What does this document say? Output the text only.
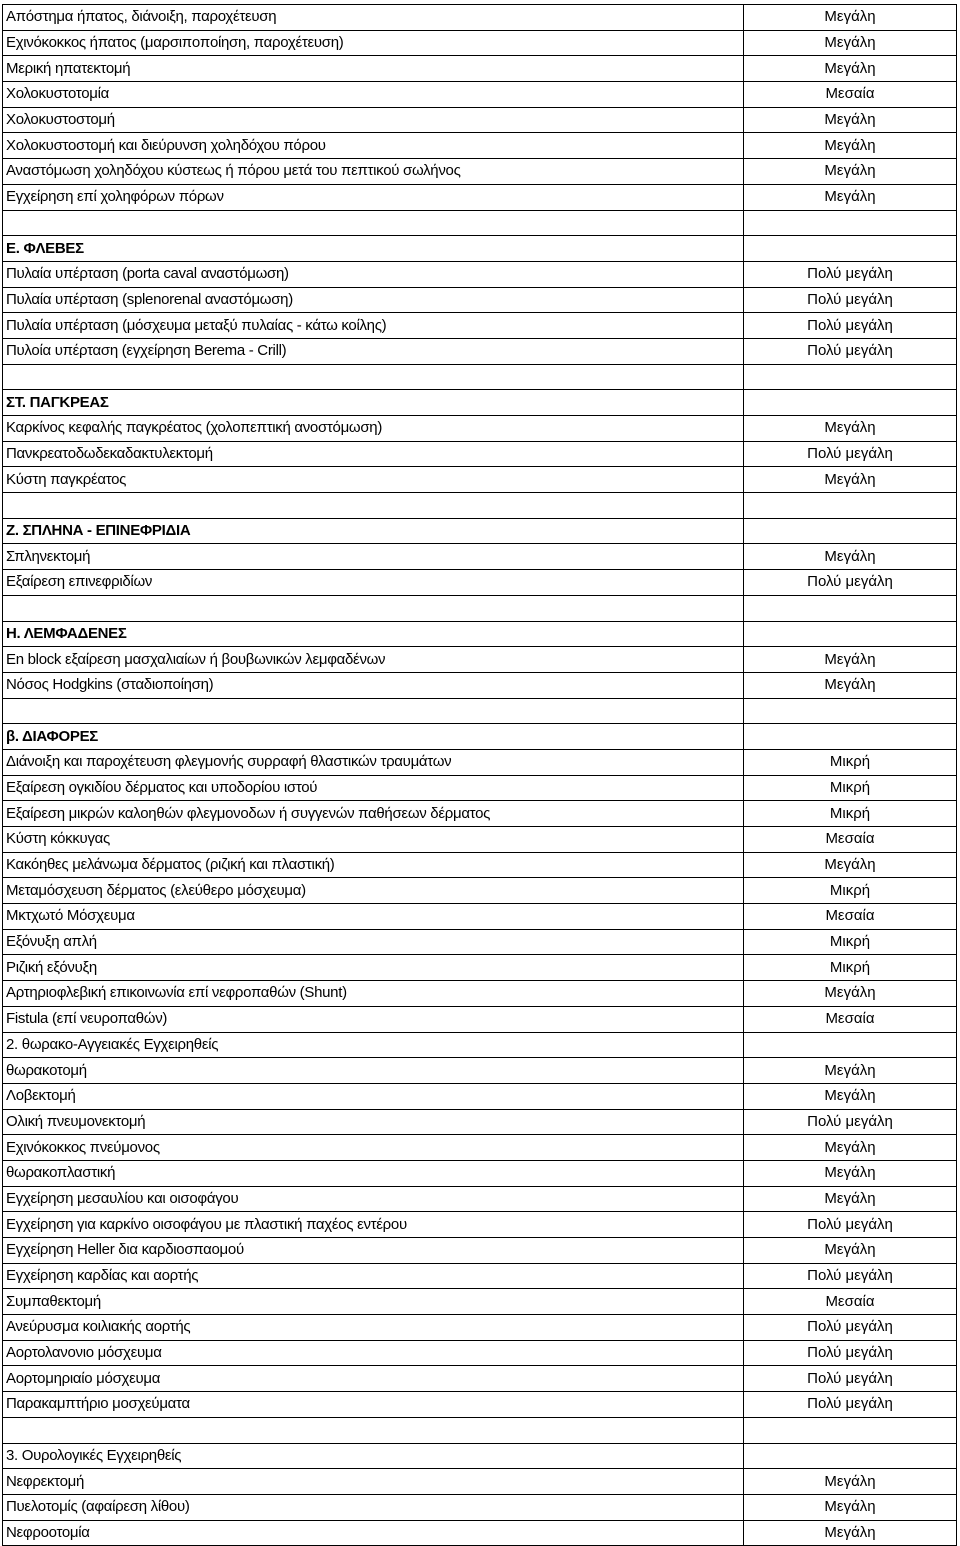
Απόστημα ήπατος, διάνοιξη, παροχέτευση	Μεγάλη
Εχινόκοκκος ήπατος (μαρσιπoπoίηση, παροχέτευση)	Μεγάλη
Μερική ηπατεκτομή	Μεγάλη
Χολοκυστοτομία	Μεσαία
Χολοκυστοστομή	Μεγάλη
Χολοκυστοστομή και διεύρυνση χοληδόχου πόρου	Μεγάλη
Αναστόμωση χοληδόχου κύστεως ή πόρου μετά του πεπτικού σωλήνος	Μεγάλη
Εγχείρηση επί χοληφόρων πόρων	Μεγάλη

Ε. ΦΛΕΒΕΣ	
Πυλαία υπέρταση (porta caval αναστόμωση)	Πολύ μεγάλη
Πυλαία υπέρταση (splenorenal αναστόμωση)	Πολύ μεγάλη
Πυλαία υπέρταση (μόσχευμα μεταξύ πυλαίας - κάτω κοίλης)	Πολύ μεγάλη
Πυλοία υπέρταση (εγχείρηση Berema - Crill)	Πολύ μεγάλη

ΣΤ. ΠΑΓΚΡΕΑΣ	
Καρκίνος κεφαλής παγκρέατος (χολοπεπτική ανοστόμωση)	Μεγάλη
Πανκρεατοδωδεκαδακτυλεκτομή	Πολύ μεγάλη
Κύστη παγκρέατος	Μεγάλη

Ζ. ΣΠΛΗΝΑ - ΕΠΙΝΕΦΡΙΔΙΑ	
Σπληνεκτομή	Μεγάλη
Εξαίρεση επινεφριδίων	Πολύ μεγάλη

Η. ΛΕΜΦΑΔΕΝΕΣ	
En block εξαίρεση μασχαλιαίων ή βουβωνικών λεμφαδένων	Μεγάλη
Νόσος Hodgkins (σταδιοποίηση)	Μεγάλη

β. ΔΙΑΦΟΡΕΣ	
Διάνοιξη και παροχέτευση φλεγμονής συρραφή θλαστικών τραυμάτων	Μικρή
Εξαίρεση ογκιδίου δέρματος και υποδορίου ιστού	Μικρή
Εξαίρεση μικρών καλοηθών φλεγμονοδων ή συγγενών παθήσεων δέρματος	Μικρή
Κύστη κόκκυγας	Μεσαία
Κακόηθες μελάνωμα δέρματος (ριζική και πλαστική)	Μεγάλη
Μεταμόσχευση δέρματος (ελεύθερο μόσχευμα)	Μικρή
Μκτχωτό Μόσχευμα	Μεσαία
Εξόνυξη απλή	Μικρή
Ριζική εξόνυξη	Μικρή
Αρτηριοφλεβική επικοινωνία επί νεφροπαθών (Shunt)	Μεγάλη
Fistula (επί νευροπαθών)	Μεσαία
2. θωρακο-Αγγειακές Εγχειρηθείς	
θωρακοτομή	Μεγάλη
Λοβεκτομή	Μεγάλη
Ολική πνευμονεκτομή	Πολύ μεγάλη
Εχινόκοκκος πνεύμονος	Μεγάλη
θωρακοπλαστική	Μεγάλη
Εγχείρηση μεσαυλίου και οισοφάγου	Μεγάλη
Εγχείρηση για καρκίνο οισοφάγου με πλαστική παχέος εντέρου	Πολύ μεγάλη
Εγχείρηση Heller δια καρδιοσπαομού	Μεγάλη
Εγχείρηση καρδίας και αορτής	Πολύ μεγάλη
Συμπαθεκτομή	Μεσαία
Ανεύρυσμα κοιλιακής αορτής	Πολύ μεγάλη
Αορτολανονιο μόσχευμα	Πολύ μεγάλη
Αορτομηριαίο μόσχευμα	Πολύ μεγάλη
Παρακαμπτήριο μοσχεύματα	Πολύ μεγάλη

3. Ουρολογικές Εγχειρηθείς	
Νεφρεκτομή	Μεγάλη
Πυελοτομίς (αφαίρεση λίθου)	Μεγάλη
Νεφροοτομία	Μεγάλη
